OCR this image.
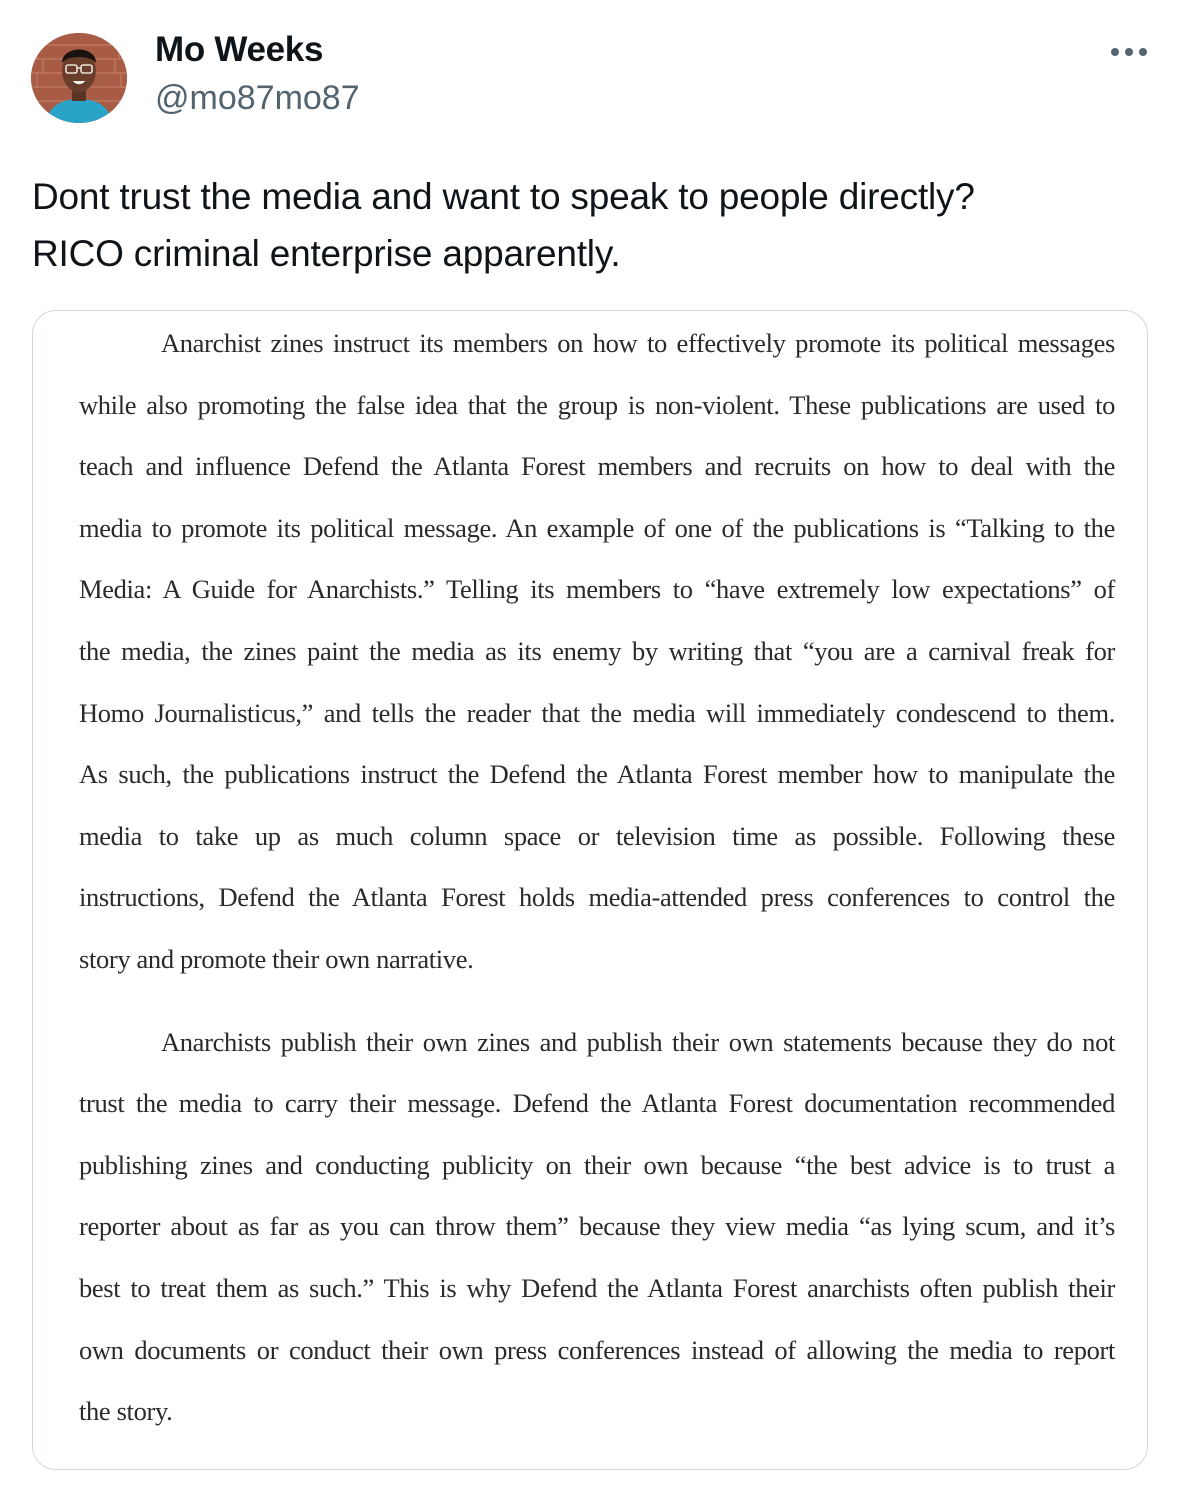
Mo Weeks
@mo87mo87
Dont trust the media and want to speak to people directly?
RICO criminal enterprise apparently.
Anarchist zines instruct its members on how to effectively promote its political messages
while also promoting the false idea that the group is non-violent. These publications are used to
teach and influence Defend the Atlanta Forest members and recruits on how to deal with the
media to promote its political message. An example of one of the publications is “Talking to the
Media: A Guide for Anarchists.” Telling its members to “have extremely low expectations” of
the media, the zines paint the media as its enemy by writing that “you are a carnival freak for
Homo Journalisticus,” and tells the reader that the media will immediately condescend to them.
As such, the publications instruct the Defend the Atlanta Forest member how to manipulate the
media to take up as much column space or television time as possible. Following these
instructions, Defend the Atlanta Forest holds media-attended press conferences to control the
story and promote their own narrative.
Anarchists publish their own zines and publish their own statements because they do not
trust the media to carry their message. Defend the Atlanta Forest documentation recommended
publishing zines and conducting publicity on their own because “the best advice is to trust a
reporter about as far as you can throw them” because they view media “as lying scum, and it’s
best to treat them as such.” This is why Defend the Atlanta Forest anarchists often publish their
own documents or conduct their own press conferences instead of allowing the media to report
the story.
